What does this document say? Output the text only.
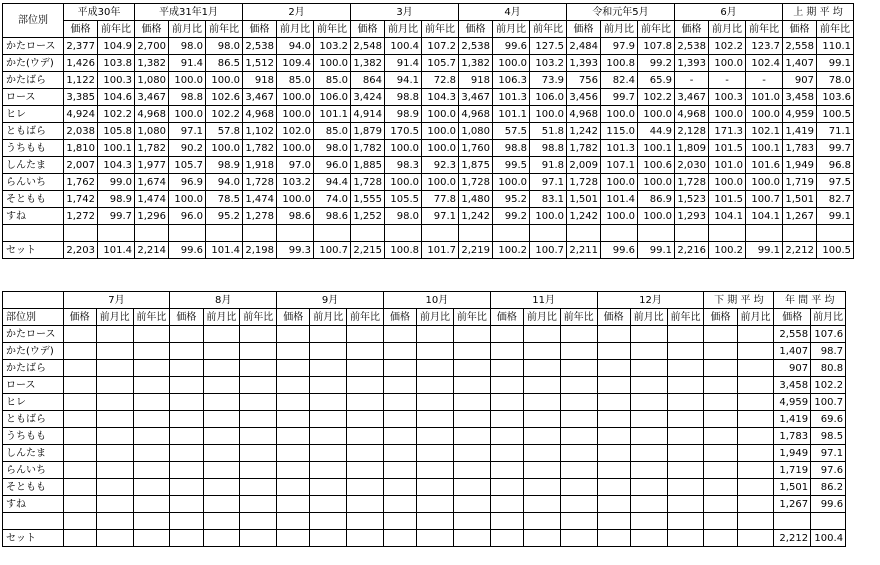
部位別	平成30年		平成31年1月			2月			3月			4月			令和元年5月			6月			上 期 平 均	
	価格	前年比	価格	前月比	前年比	価格	前月比	前年比	価格	前月比	前年比	価格	前月比	前年比	価格	前月比	前年比	価格	前月比	前年比	価格	前年比
かたロース	2,377	104.9	2,700	98.0	98.0	2,538	94.0	103.2	2,548	100.4	107.2	2,538	99.6	127.5	2,484	97.9	107.8	2,538	102.2	123.7	2,558	110.1
かた(ウデ)	1,426	103.8	1,382	91.4	86.5	1,512	109.4	100.0	1,382	91.4	105.7	1,382	100.0	103.2	1,393	100.8	99.2	1,393	100.0	102.4	1,407	99.1
かたばら	1,122	100.3	1,080	100.0	100.0	918	85.0	85.0	864	94.1	72.8	918	106.3	73.9	756	82.4	65.9	-	-	-	907	78.0
ロース	3,385	104.6	3,467	98.8	102.6	3,467	100.0	106.0	3,424	98.8	104.3	3,467	101.3	106.0	3,456	99.7	102.2	3,467	100.3	101.0	3,458	103.6
ヒレ	4,924	102.2	4,968	100.0	102.2	4,968	100.0	101.1	4,914	98.9	100.0	4,968	101.1	100.0	4,968	100.0	100.0	4,968	100.0	100.0	4,959	100.5
ともばら	2,038	105.8	1,080	97.1	57.8	1,102	102.0	85.0	1,879	170.5	100.0	1,080	57.5	51.8	1,242	115.0	44.9	2,128	171.3	102.1	1,419	71.1
うちもも	1,810	100.1	1,782	90.2	100.0	1,782	100.0	98.0	1,782	100.0	100.0	1,760	98.8	98.8	1,782	101.3	100.1	1,809	101.5	100.1	1,783	99.7
しんたま	2,007	104.3	1,977	105.7	98.9	1,918	97.0	96.0	1,885	98.3	92.3	1,875	99.5	91.8	2,009	107.1	100.6	2,030	101.0	101.6	1,949	96.8
らんいち	1,762	99.0	1,674	96.9	94.0	1,728	103.2	94.4	1,728	100.0	100.0	1,728	100.0	97.1	1,728	100.0	100.0	1,728	100.0	100.0	1,719	97.5
そともも	1,742	98.9	1,474	100.0	78.5	1,474	100.0	74.0	1,555	105.5	77.8	1,480	95.2	83.1	1,501	101.4	86.9	1,523	101.5	100.7	1,501	82.7
すね	1,272	99.7	1,296	96.0	95.2	1,278	98.6	98.6	1,252	98.0	97.1	1,242	99.2	100.0	1,242	100.0	100.0	1,293	104.1	104.1	1,267	99.1

セット	2,203	101.4	2,214	99.6	101.4	2,198	99.3	100.7	2,215	100.8	101.7	2,219	100.2	100.7	2,211	99.6	99.1	2,216	100.2	99.1	2,212	100.5
	7月			8月			9月			10月			11月			12月			下 期 平 均		年 間 平 均	
部位別	価格	前月比	前年比	価格	前月比	前年比	価格	前月比	前年比	価格	前月比	前年比	価格	前月比	前年比	価格	前月比	前年比	価格	前月比	価格	前月比
かたロース																					2,558	107.6
かた(ウデ)																					1,407	98.7
かたばら																					907	80.8
ロース																					3,458	102.2
ヒレ																					4,959	100.7
ともばら																					1,419	69.6
うちもも																					1,783	98.5
しんたま																					1,949	97.1
らんいち																					1,719	97.6
そともも																					1,501	86.2
すね																					1,267	99.6

セット																					2,212	100.4
